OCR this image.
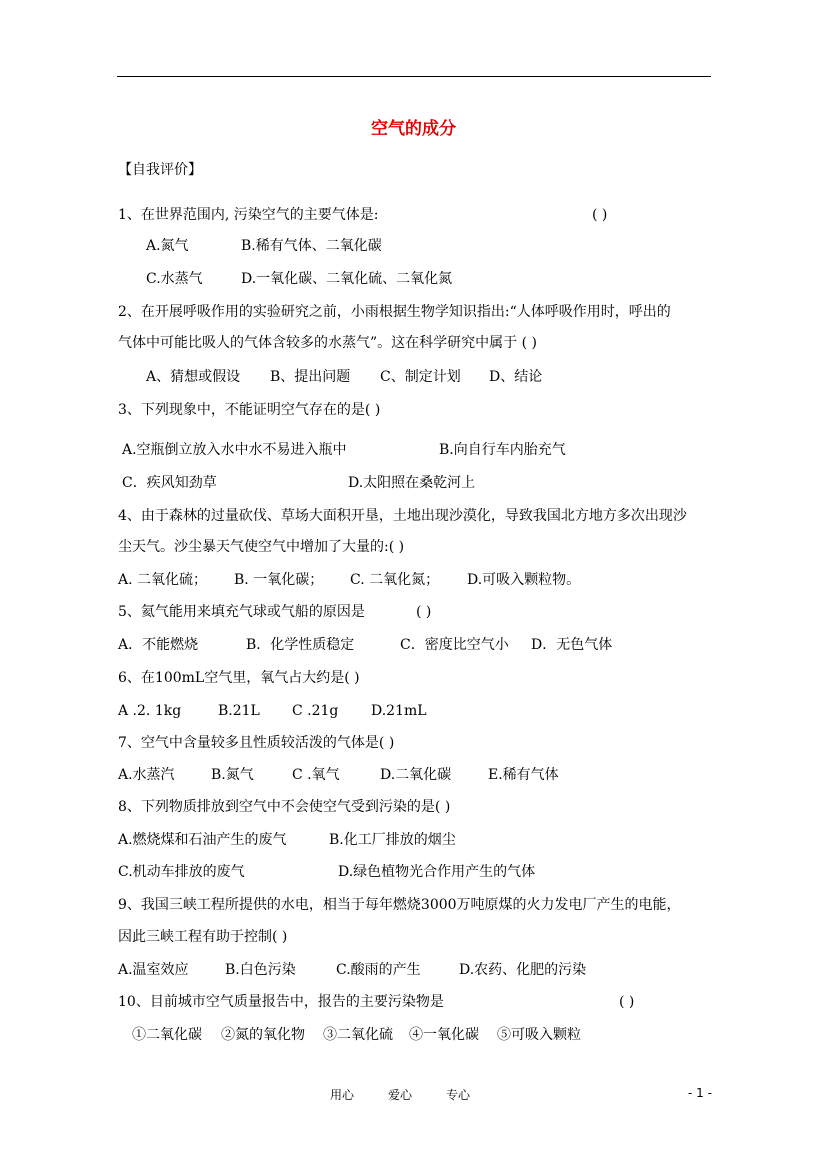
空气的成分
【自我评价】
1、在世界范围内, 污染空气的主要气体是:	( )
A.氮气	B.稀有气体、二氧化碳
C.水蒸气	D.一氧化碳、二氧化硫、二氧化氮
2、在开展呼吸作用的实验研究之前，小雨根据生物学知识指出:“人体呼吸作用时，呼出的
气体中可能比吸人的气体含较多的水蒸气”。这在科学研究中属于 ( )
A、猜想或假设 B、提出问题 C、制定计划 D、结论
3、下列现象中，不能证明空气存在的是( )
A.空瓶倒立放入水中水不易进入瓶中	B.向自行车内胎充气
C．疾风知劲草	D.太阳照在桑乾河上
4、由于森林的过量砍伐、草场大面积开垦，土地出现沙漠化，导致我国北方地方多次出现沙
尘天气。沙尘暴天气使空气中增加了大量的:( )
A. 二氧化硫； B. 一氧化碳； C. 二氧化氮； D.可吸入颗粒物。
5、氦气能用来填充气球或气船的原因是	( )
A．不能燃烧	B．化学性质稳定	C．密度比空气小 D．无色气体
6、在100mL空气里，氧气占大约是( )
A .2. 1kg	B.21L C .21g D.21mL
7、空气中含量较多且性质较活泼的气体是( )
A.水蒸汽	B.氮气	C .氧气	D.二氧化碳	E.稀有气体
8、下列物质排放到空气中不会使空气受到污染的是( )
A.燃烧煤和石油产生的废气	B.化工厂排放的烟尘
C.机动车排放的废气	D.绿色植物光合作用产生的气体
9、我国三峡工程所提供的水电，相当于每年燃烧3000万吨原煤的火力发电厂产生的电能，
因此三峡工程有助于控制( )
A.温室效应	B.白色污染	C.酸雨的产生	D.农药、化肥的污染
10、目前城市空气质量报告中，报告的主要污染物是	( )
①二氧化碳 ②氮的氧化物 ③二氧化硫 ④一氧化碳 ⑤可吸入颗粒
用心	爱心	专心	- 1 -
